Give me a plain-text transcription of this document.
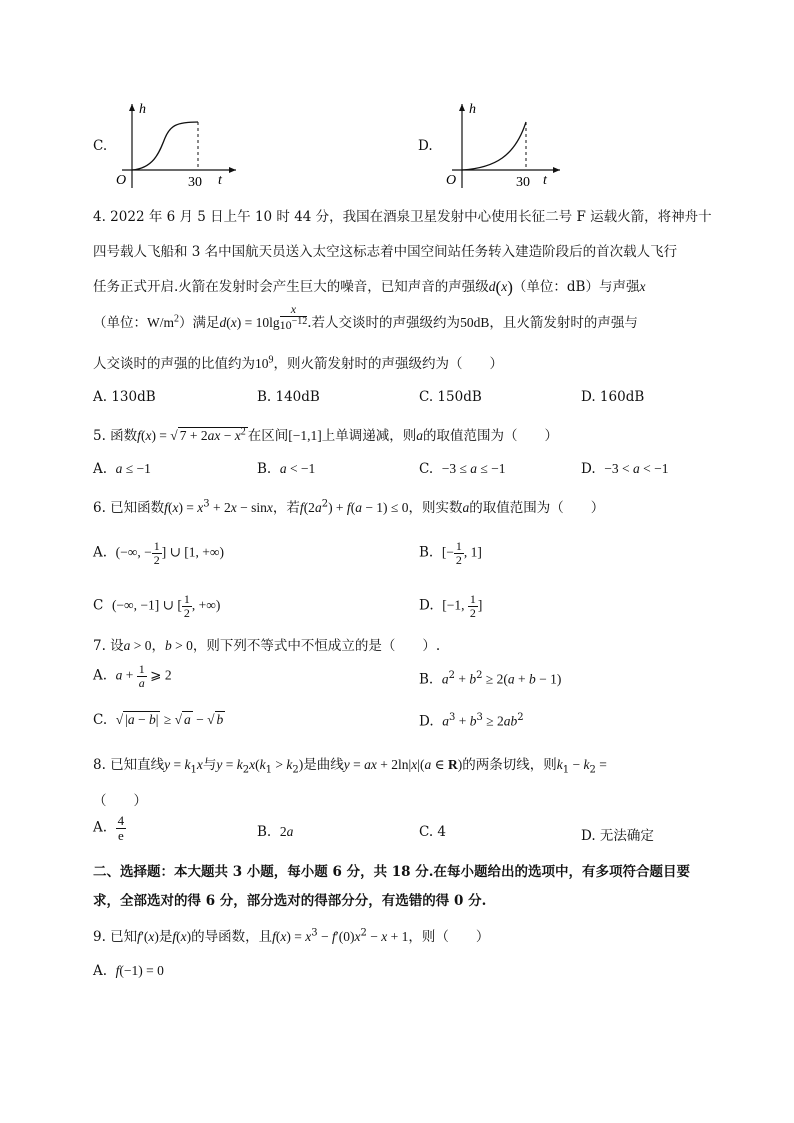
C.
h
t
O	30
D.
h
t
O	30
4. 2022 年 6 月 5 日上午 10 时 44 分，我国在酒泉卫星发射中心使用长征二号 F 运载火箭，将神舟十
四号载人飞船和 3 名中国航天员送入太空这标志着中国空间站任务转入建造阶段后的首次载人飞行
任务正式开启.火箭在发射时会产生巨大的噪音，已知声音的声强级d(x)（单位：dB）与声强x
（单位：$W/m^2$）满足$d(x) = 10\lg \frac{x}{10^{-12}}$ .若人交谈时的声强级约为50dB，且火箭发射时的声强与
人交谈时的声强的比值约为$10^9$，则火箭发射时的声强级约为（　　）
A. 130dB	B. 140dB	C. 150dB	D. 160dB
5. 函数f(x) = √ $7 + 2ax - x^2$ 在区间[−1,1]上单调递减，则a的取值范围为（　　）
A. a ≤ −1	B. a < −1	C. −3 ≤ a ≤ −1	D. −3 < a < −1
6. 已知函数$f(x) = x^3 + 2x - \sin x$，若$f(2a^2) + f(a - 1) \le 0$，则实数a的取值范围为（　　）
A. (−∞, − $\frac{1}{2}$ ] ∪ [1, +∞)	B. [− $\frac{1}{2}$ , 1]
C (−∞, −1] ∪ [ $\frac{1}{2}$ , +∞)	D. [−1, $\frac{1}{2}$ ]
7. 设a > 0，b > 0，则下列不等式中不恒成立的是（　　）.
A. $a + \frac{1}{a}$ ⩾ 2	B. $a^2 + b^2 \ge 2(a + b - 1)$
C. √ |a − b| ≥ √ a − √ b	D. $a^3 + b^3 \ge 2ab^2$
8. 已知直线$y = k_1x$与$y = k_2x(k_1 > k_2)$是曲线y = ax + 2ln|x|(a ∈ R)的两条切线，则$k_1 - k_2$ =
（　　）
A. $\frac{4}{e}$	B. 2a	C. 4	D. 无法确定
二、选择题：本大题共 3 小题，每小题 6 分，共 18 分.在每小题给出的选项中，有多项符合题目要
求，全部选对的得 6 分，部分选对的得部分分，有选错的得 0 分.
9. 已知f′(x)是f(x)的导函数，且$f(x) = x^3 - f'(0)x^2 - x + 1$，则（　　）
A. f(−1) = 0
